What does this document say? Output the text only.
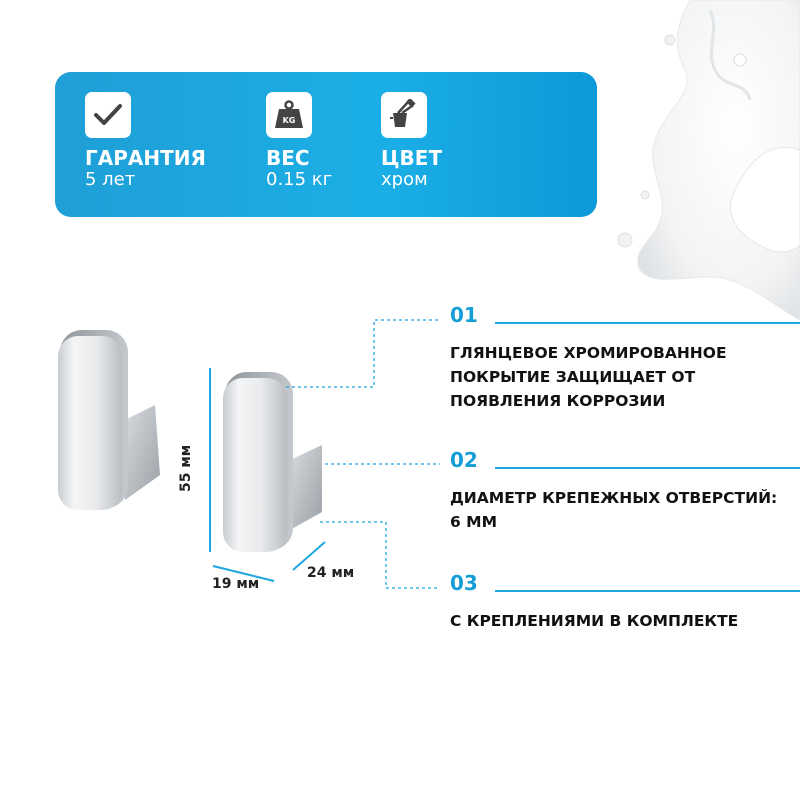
ГАРАНТИЯ
5 лет
KG
ВЕС
0.15 кг
ЦВЕТ
хром
55 мм
19 мм
24 мм
01
ГЛЯНЦЕВОЕ ХРОМИРОВАННОЕ ПОКРЫТИЕ ЗАЩИЩАЕТ ОТ ПОЯВЛЕНИЯ КОРРОЗИИ
02
ДИАМЕТР КРЕПЕЖНЫХ ОТВЕРСТИЙ: 6 ММ
03
С КРЕПЛЕНИЯМИ В КОМПЛЕКТЕ
